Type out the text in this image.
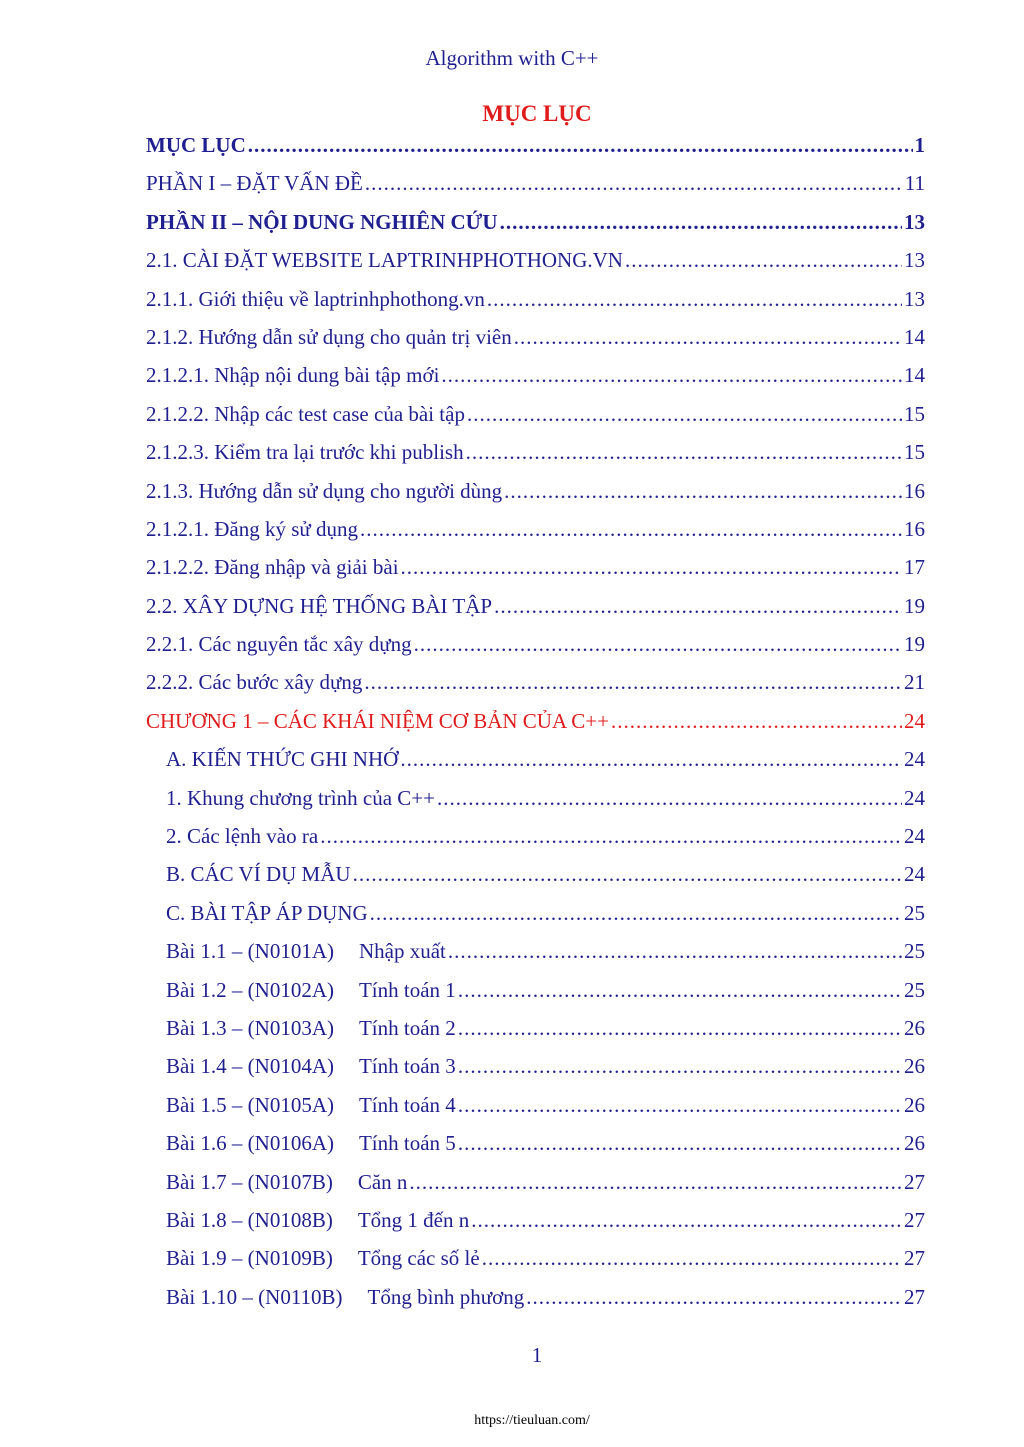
Algorithm with C++
MỤC LỤC
MỤC LỤC .....	1
PHẦN I – ĐẶT VẤN ĐỀ .....	11
PHẦN II – NỘI DUNG NGHIÊN CỨU .....	13
2.1. CÀI ĐẶT WEBSITE LAPTRINHPHOTHONG.VN .....	13
2.1.1. Giới thiệu về laptrinhphothong.vn .....	13
2.1.2. Hướng dẫn sử dụng cho quản trị viên .....	14
2.1.2.1. Nhập nội dung bài tập mới .....	14
2.1.2.2. Nhập các test case của bài tập .....	15
2.1.2.3. Kiểm tra lại trước khi publish .....	15
2.1.3. Hướng dẫn sử dụng cho người dùng .....	16
2.1.2.1. Đăng ký sử dụng .....	16
2.1.2.2. Đăng nhập và giải bài .....	17
2.2. XÂY DỰNG HỆ THỐNG BÀI TẬP .....	19
2.2.1. Các nguyên tắc xây dựng .....	19
2.2.2. Các bước xây dựng .....	21
CHƯƠNG 1 – CÁC KHÁI NIỆM CƠ BẢN CỦA C++ .....	24
A. KIẾN THỨC GHI NHỚ .....	24
1. Khung chương trình của C++ .....	24
2. Các lệnh vào ra .....	24
B. CÁC VÍ DỤ MẪU .....	24
C. BÀI TẬP ÁP DỤNG .....	25
Bài 1.1 – (N0101A) Nhập xuất .....	25
Bài 1.2 – (N0102A) Tính toán 1 .....	25
Bài 1.3 – (N0103A) Tính toán 2 .....	26
Bài 1.4 – (N0104A) Tính toán 3 .....	26
Bài 1.5 – (N0105A) Tính toán 4 .....	26
Bài 1.6 – (N0106A) Tính toán 5 .....	26
Bài 1.7 – (N0107B) Căn n .....	27
Bài 1.8 – (N0108B) Tổng 1 đến n .....	27
Bài 1.9 – (N0109B) Tổng các số lẻ .....	27
Bài 1.10 – (N0110B) Tổng bình phương .....	27
1
https://tieuluan.com/
